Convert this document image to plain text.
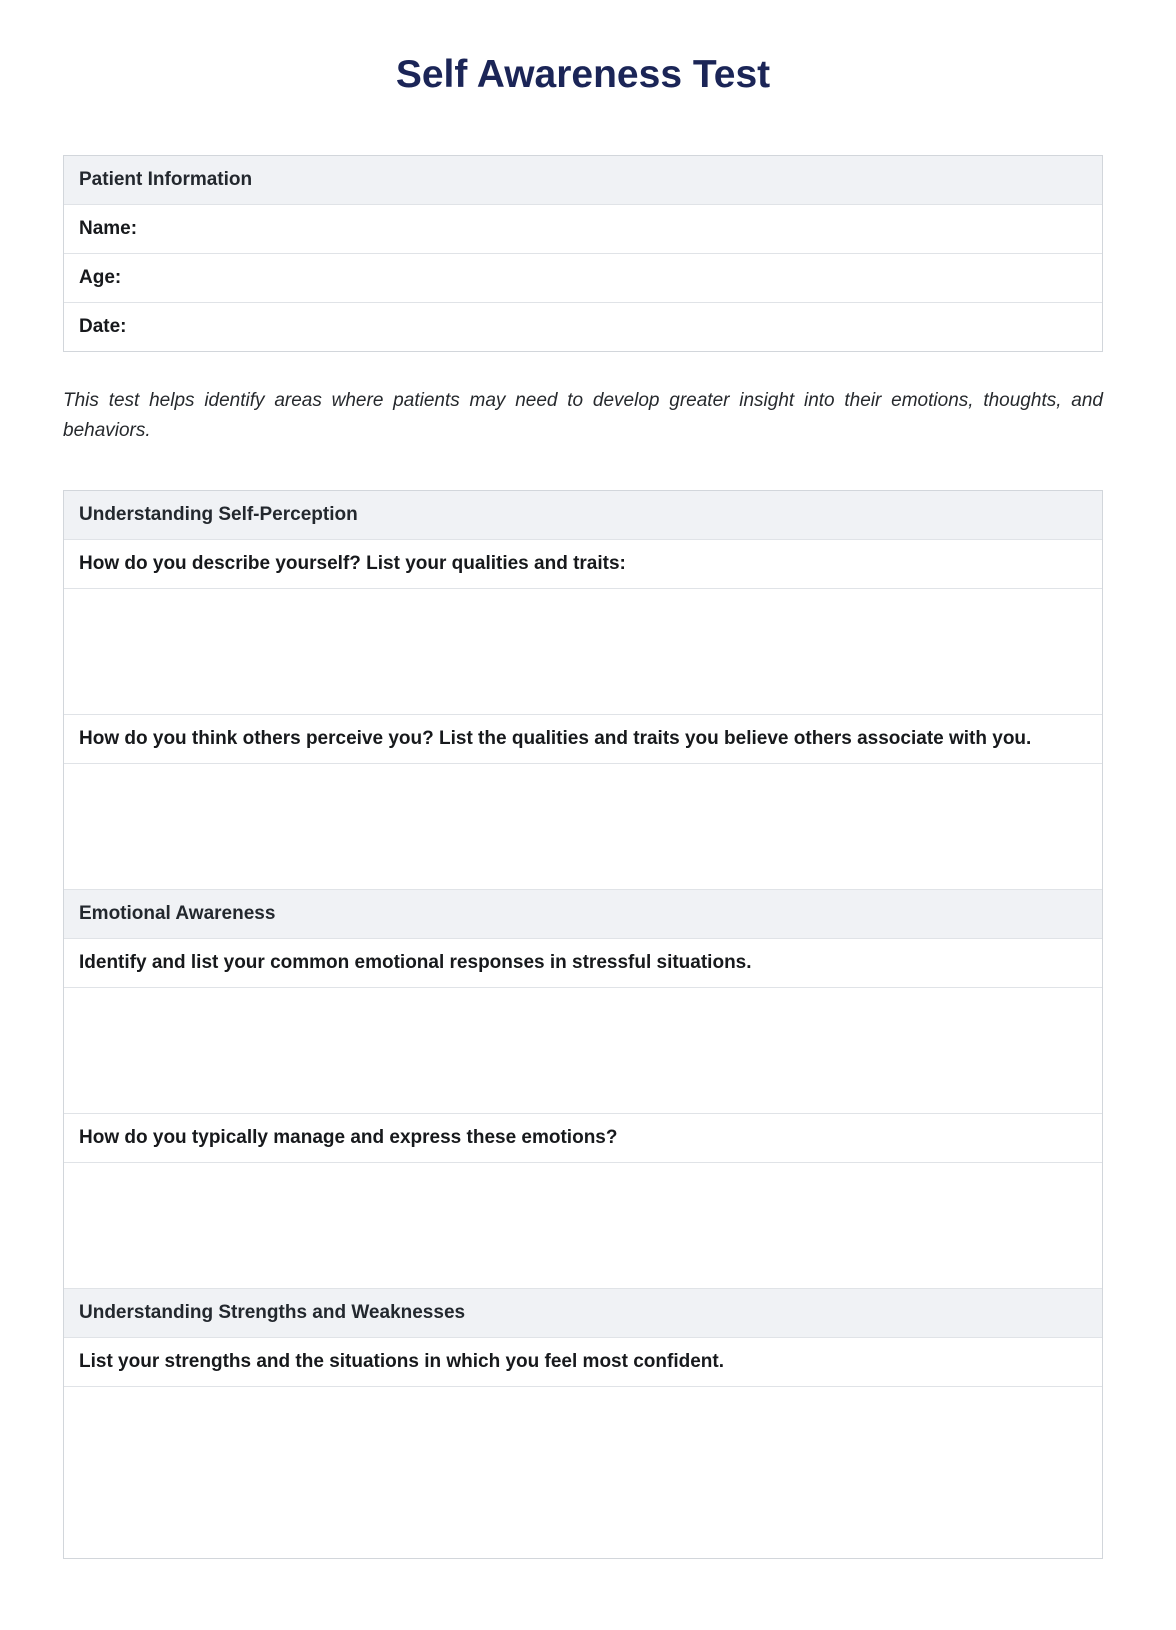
Self Awareness Test
Patient Information
Name:
Age:
Date:

This test helps identify areas where patients may need to develop greater insight into their emotions, thoughts, and behaviors.

Understanding Self-Perception
How do you describe yourself? List your qualities and traits:
How do you think others perceive you? List the qualities and traits you believe others associate with you.
Emotional Awareness
Identify and list your common emotional responses in stressful situations.
How do you typically manage and express these emotions?
Understanding Strengths and Weaknesses
List your strengths and the situations in which you feel most confident.
